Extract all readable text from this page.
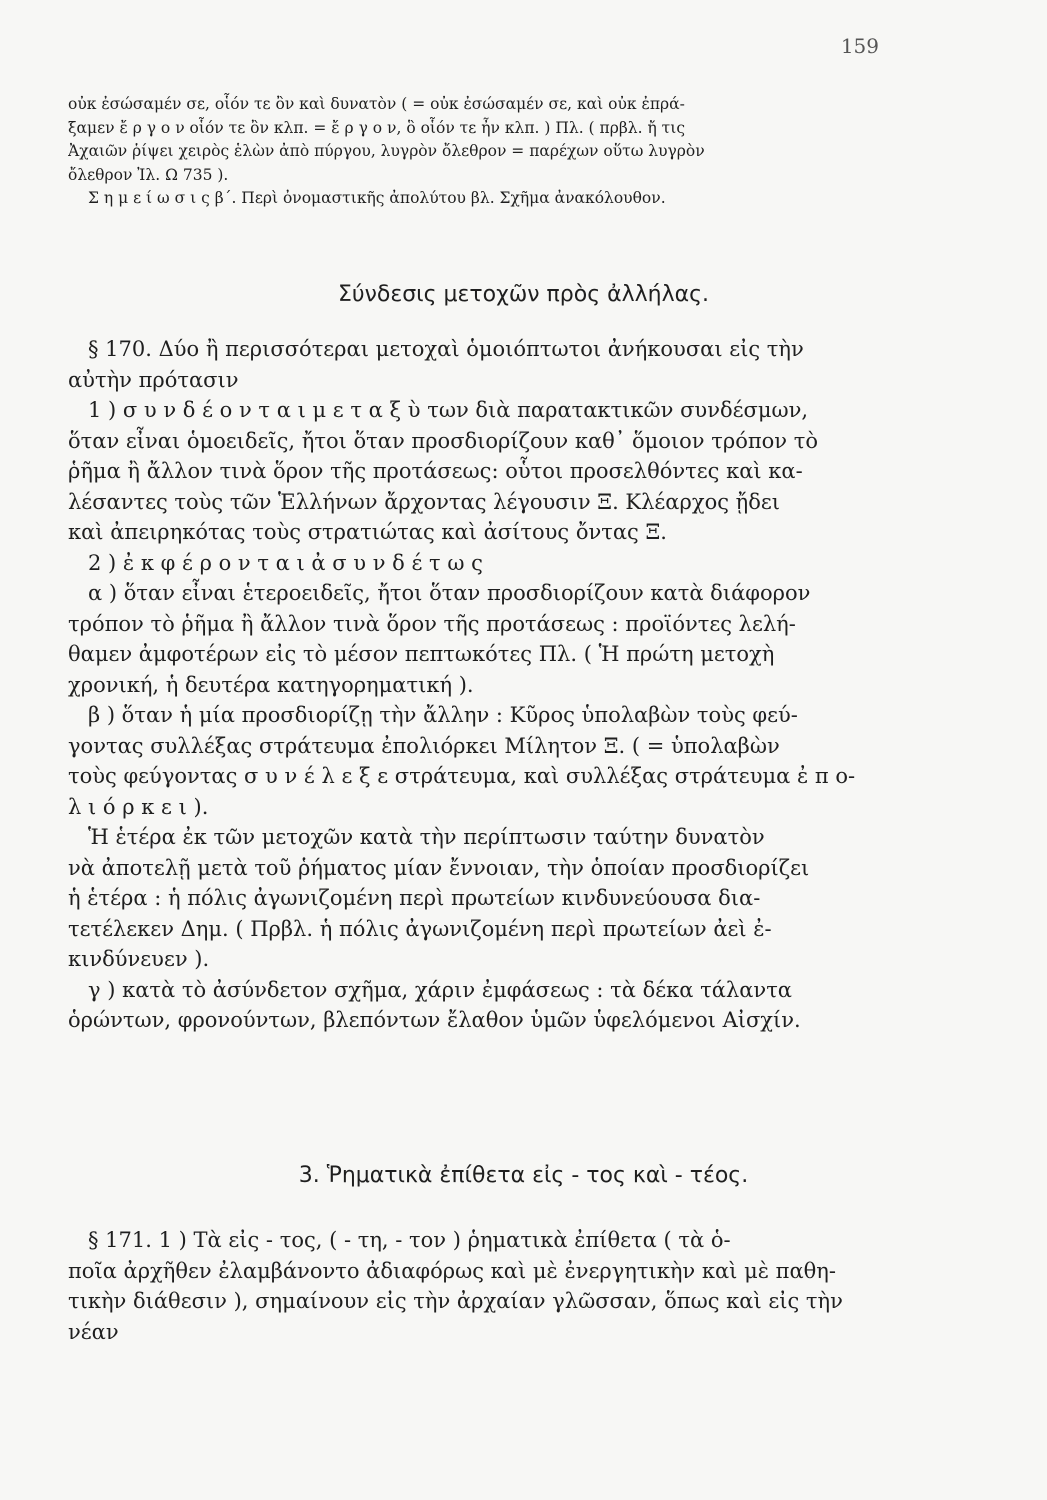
159
οὐκ ἐσώσαμέν σε, οἷόν τε ὂν καὶ δυνατὸν ( = οὐκ ἐσώσαμέν σε, καὶ οὐκ ἐπρά-
ξαμεν ἔ ρ γ ο ν οἷόν τε ὂν κλπ. = ἔ ρ γ ο ν, ὃ οἷόν τε ἦν κλπ. ) Πλ. ( πρβλ. ἤ τις
Ἀχαιῶν ῥίψει χειρὸς ἑλὼν ἀπὸ πύργου, λυγρὸν ὄλεθρον = παρέχων οὕτω λυγρὸν
ὄλεθρον Ἰλ. Ω 735 ).
Σ η μ ε ί ω σ ι ς β΄. Περὶ ὀνομαστικῆς ἀπολύτου βλ. Σχῆμα ἀνακόλουθον.
Σύνδεσις μετοχῶν πρὸς ἀλλήλας.
§ 170. Δύο ἢ περισσότεραι μετοχαὶ ὁμοιόπτωτοι ἀνήκουσαι εἰς τὴν
αὐτὴν πρότασιν
1 ) σ υ ν δ έ ο ν τ α ι μ ε τ α ξ ὺ των διὰ παρατακτικῶν συνδέσμων,
ὅταν εἶναι ὁμοειδεῖς, ἤτοι ὅταν προσδιορίζουν καθ᾽ ὅμοιον τρόπον τὸ
ῥῆμα ἢ ἄλλον τινὰ ὅρον τῆς προτάσεως: οὗτοι προσελθόντες καὶ κα-
λέσαντες τοὺς τῶν Ἑλλήνων ἄρχοντας λέγουσιν Ξ. Κλέαρχος ᾔδει
καὶ ἀπειρηκότας τοὺς στρατιώτας καὶ ἀσίτους ὄντας Ξ.
2 ) ἐ κ φ έ ρ ο ν τ α ι ἀ σ υ ν δ έ τ ω ς
α ) ὅταν εἶναι ἑτεροειδεῖς, ἤτοι ὅταν προσδιορίζουν κατὰ διάφορον
τρόπον τὸ ῥῆμα ἢ ἄλλον τινὰ ὅρον τῆς προτάσεως : προϊόντες λελή-
θαμεν ἀμφοτέρων εἰς τὸ μέσον πεπτωκότες Πλ. ( Ἡ πρώτη μετοχὴ
χρονική, ἡ δευτέρα κατηγορηματική ).
β ) ὅταν ἡ μία προσδιορίζῃ τὴν ἄλλην : Κῦρος ὑπολαβὼν τοὺς φεύ-
γοντας συλλέξας στράτευμα ἐπολιόρκει Μίλητον Ξ. ( = ὑπολαβὼν
τοὺς φεύγοντας σ υ ν έ λ ε ξ ε στράτευμα, καὶ συλλέξας στράτευμα ἐ π ο-
λ ι ό ρ κ ε ι ).
Ἡ ἑτέρα ἐκ τῶν μετοχῶν κατὰ τὴν περίπτωσιν ταύτην δυνατὸν
νὰ ἀποτελῇ μετὰ τοῦ ῥήματος μίαν ἔννοιαν, τὴν ὁποίαν προσδιορίζει
ἡ ἑτέρα : ἡ πόλις ἀγωνιζομένη περὶ πρωτείων κινδυνεύουσα δια-
τετέλεκεν Δημ. ( Πρβλ. ἡ πόλις ἀγωνιζομένη περὶ πρωτείων ἀεὶ ἐ-
κινδύνευεν ).
γ ) κατὰ τὸ ἀσύνδετον σχῆμα, χάριν ἐμφάσεως : τὰ δέκα τάλαντα
ὁρώντων, φρονούντων, βλεπόντων ἔλαθον ὑμῶν ὑφελόμενοι Αἰσχίν.
3. Ῥηματικὰ ἐπίθετα εἰς - τος καὶ - τέος.
§ 171. 1 ) Τὰ εἰς - τος, ( - τη, - τον ) ῥηματικὰ ἐπίθετα ( τὰ ὁ-
ποῖα ἀρχῆθεν ἐλαμβάνοντο ἀδιαφόρως καὶ μὲ ἐνεργητικὴν καὶ μὲ παθη-
τικὴν διάθεσιν ), σημαίνουν εἰς τὴν ἀρχαίαν γλῶσσαν, ὅπως καὶ εἰς τὴν
νέαν
